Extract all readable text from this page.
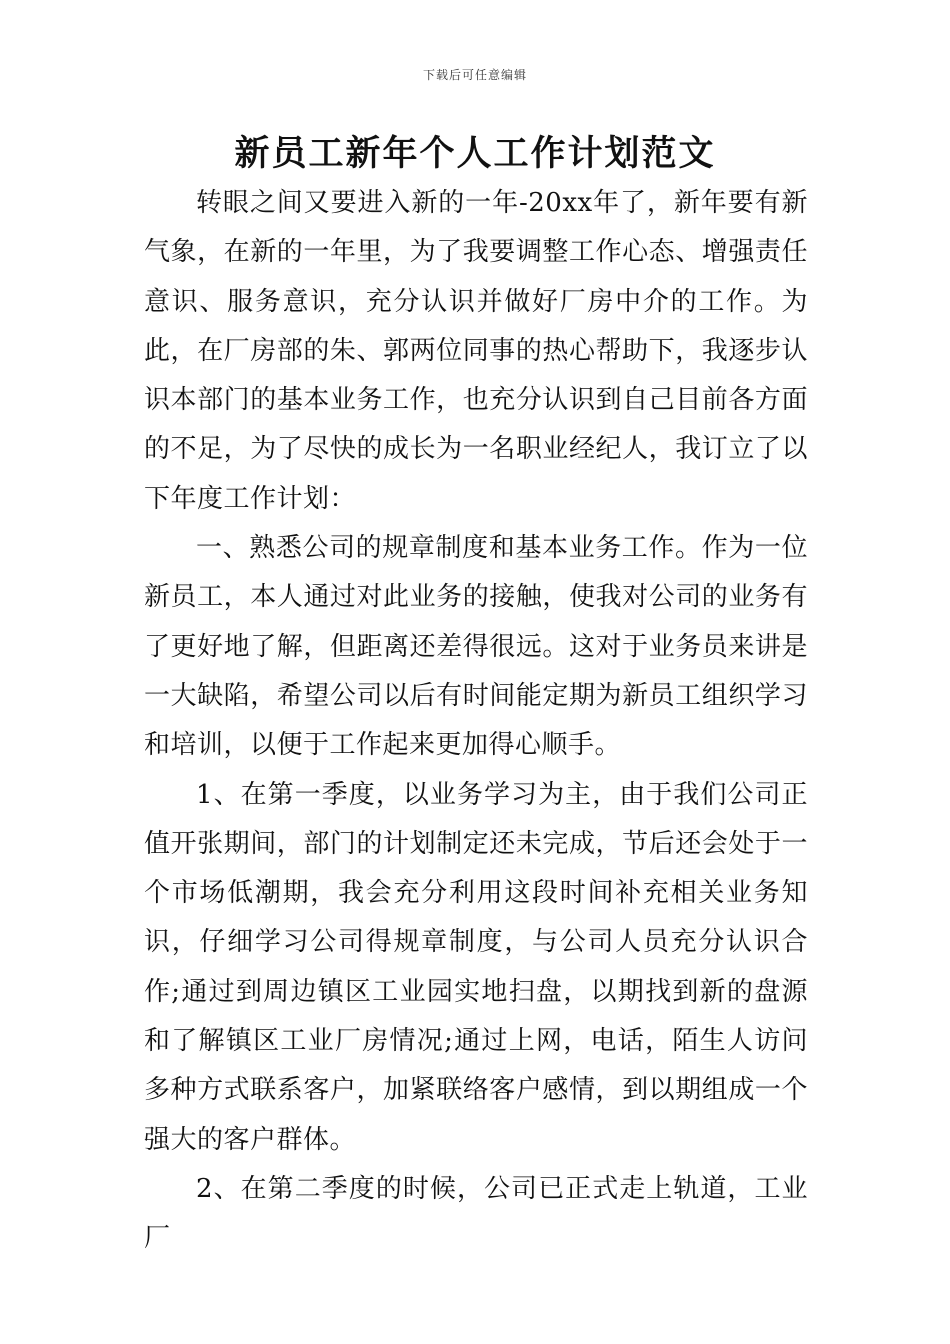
下载后可任意编辑
新员工新年个人工作计划范文

转眼之间又要进入新的一年-20xx年了，新年要有新气象，在新的一年里，为了我要调整工作心态、增强责任意识、服务意识，充分认识并做好厂房中介的工作。为此，在厂房部的朱、郭两位同事的热心帮助下，我逐步认识本部门的基本业务工作，也充分认识到自己目前各方面的不足，为了尽快的成长为一名职业经纪人，我订立了以下年度工作计划：

一、熟悉公司的规章制度和基本业务工作。作为一位新员工，本人通过对此业务的接触，使我对公司的业务有了更好地了解，但距离还差得很远。这对于业务员来讲是一大缺陷，希望公司以后有时间能定期为新员工组织学习和培训，以便于工作起来更加得心顺手。

1、在第一季度，以业务学习为主，由于我们公司正值开张期间，部门的计划制定还未完成，节后还会处于一个市场低潮期，我会充分利用这段时间补充相关业务知识，仔细学习公司得规章制度，与公司人员充分认识合作;通过到周边镇区工业园实地扫盘，以期找到新的盘源和了解镇区工业厂房情况;通过上网，电话，陌生人访问多种方式联系客户，加紧联络客户感情，到以期组成一个强大的客户群体。

2、在第二季度的时候，公司已正式走上轨道，工业厂
